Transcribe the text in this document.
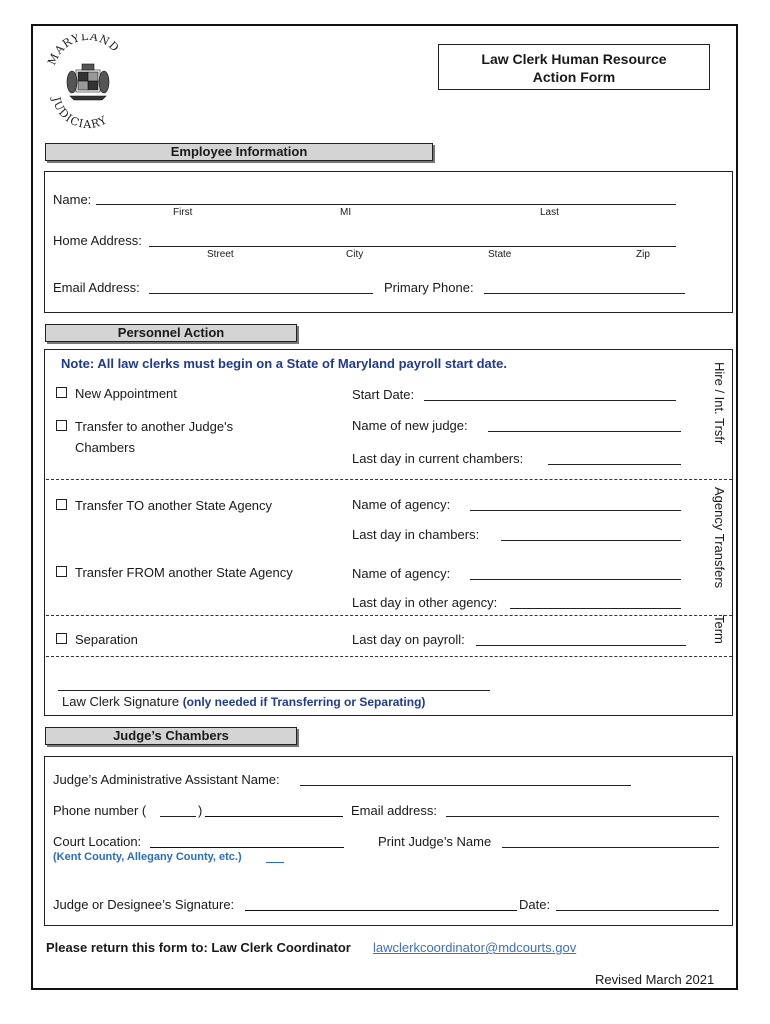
MARYLAND
JUDICIARY
Law Clerk Human Resource
Action Form
Employee Information
Name:
First	MI	Last
Home Address:
Street	City	State	Zip
Email Address:	Primary Phone:
Personnel Action
Note: All law clerks must begin on a State of Maryland payroll start date.	Hire / Int. Trsfr
New Appointment	Start Date:
Transfer to another Judge's
Chambers
Name of new judge:
Last day in current chambers:
Agency Transfers
Transfer TO another State Agency	Name of agency:
Last day in chambers:
Transfer FROM another State Agency	Name of agency:
Last day in other agency:
Term
Separation	Last day on payroll:
Law Clerk Signature (only needed if Transferring or Separating)
Judge’s Chambers
Judge’s Administrative Assistant Name:
Phone number (	)	Email address:
Court Location:
(Kent County, Allegany County, etc.)
Print Judge’s Name
Judge or Designee’s Signature:	Date:
Please return this form to: Law Clerk Coordinator lawclerkcoordinator@mdcourts.gov
Revised March 2021
